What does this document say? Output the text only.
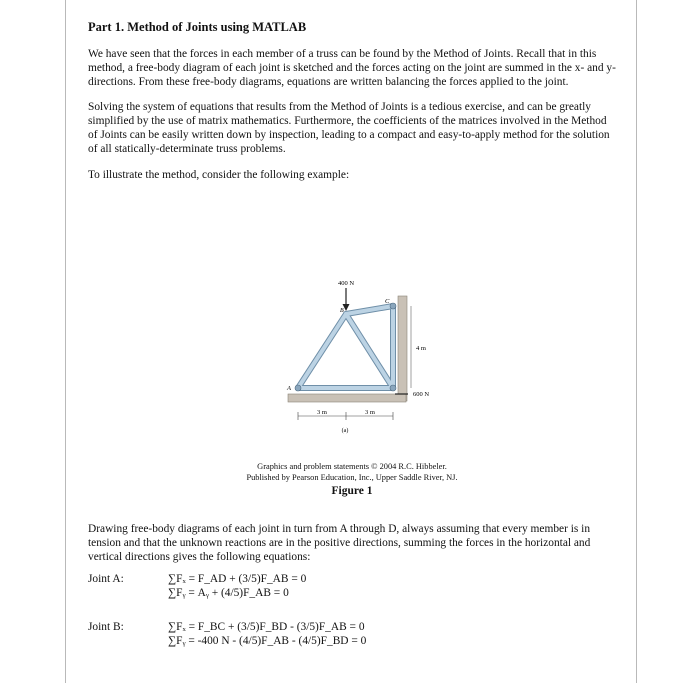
Part 1. Method of Joints using MATLAB

We have seen that the forces in each member of a truss can be found by the Method of Joints. Recall that in this method, a free-body diagram of each joint is sketched and the forces acting on the joint are summed in the x- and y-directions. From these free-body diagrams, equations are written balancing the forces applied to the joint.

Solving the system of equations that results from the Method of Joints is a tedious exercise, and can be greatly simplified by the use of matrix mathematics. Furthermore, the coefficients of the matrices involved in the Method of Joints can be easily written down by inspection, leading to a compact and easy-to-apply method for the solution of all statically-determinate truss problems.

To illustrate the method, consider the following example:

400 N
600 N
B
C
A
4 m
3 m	3 m
(a)
Graphics and problem statements © 2004 R.C. Hibbeler.
Published by Pearson Education, Inc., Upper Saddle River, NJ.
Figure 1

Drawing free-body diagrams of each joint in turn from A through D, always assuming that every member is in tension and that the unknown reactions are in the positive directions, summing the forces in the horizontal and vertical directions gives the following equations:

Joint A:	∑Fₓ = F_AD + (3/5)F_AB = 0
∑Fᵧ = Aᵧ + (4/5)F_AB = 0
Joint B:	∑Fₓ = F_BC + (3/5)F_BD - (3/5)F_AB = 0
∑Fᵧ = -400 N - (4/5)F_AB - (4/5)F_BD = 0
